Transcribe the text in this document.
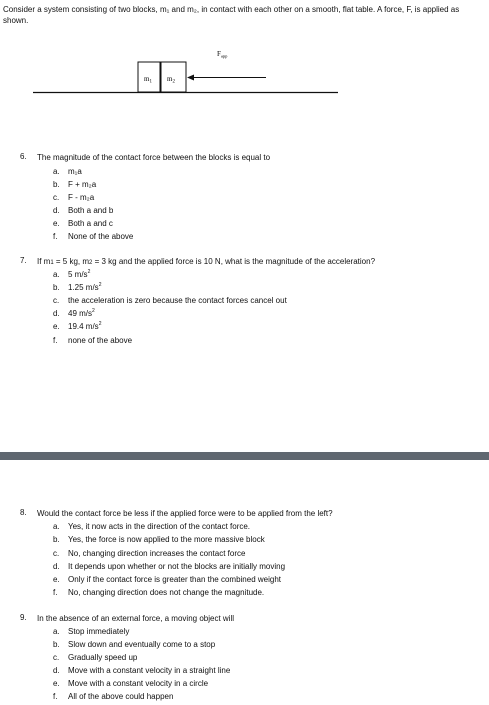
Consider a system consisting of two blocks, m₁ and m₂, in contact with each other on a smooth, flat table. A force, F, is applied as shown.
$m_1$ $m_2$
$F_{app}$
6. The magnitude of the contact force between the blocks is equal to
a. m₁a
b. F + m₂a
c. F - m₂a
d. Both a and b
e. Both a and c
f. None of the above
7. If m1 = 5 kg, m2 = 3 kg and the applied force is 10 N, what is the magnitude of the acceleration?
a. 5 $m/s^2$
b. 1.25 $m/s^2$
c. the acceleration is zero because the contact forces cancel out
d. 49 $m/s^2$
e. 19.4 $m/s^2$
f. none of the above
8. Would the contact force be less if the applied force were to be applied from the left?
a. Yes, it now acts in the direction of the contact force.
b. Yes, the force is now applied to the more massive block
c. No, changing direction increases the contact force
d. It depends upon whether or not the blocks are initially moving
e. Only if the contact force is greater than the combined weight
f. No, changing direction does not change the magnitude.
9. In the absence of an external force, a moving object will
a. Stop immediately
b. Slow down and eventually come to a stop
c. Gradually speed up
d. Move with a constant velocity in a straight line
e. Move with a constant velocity in a circle
f. All of the above could happen
